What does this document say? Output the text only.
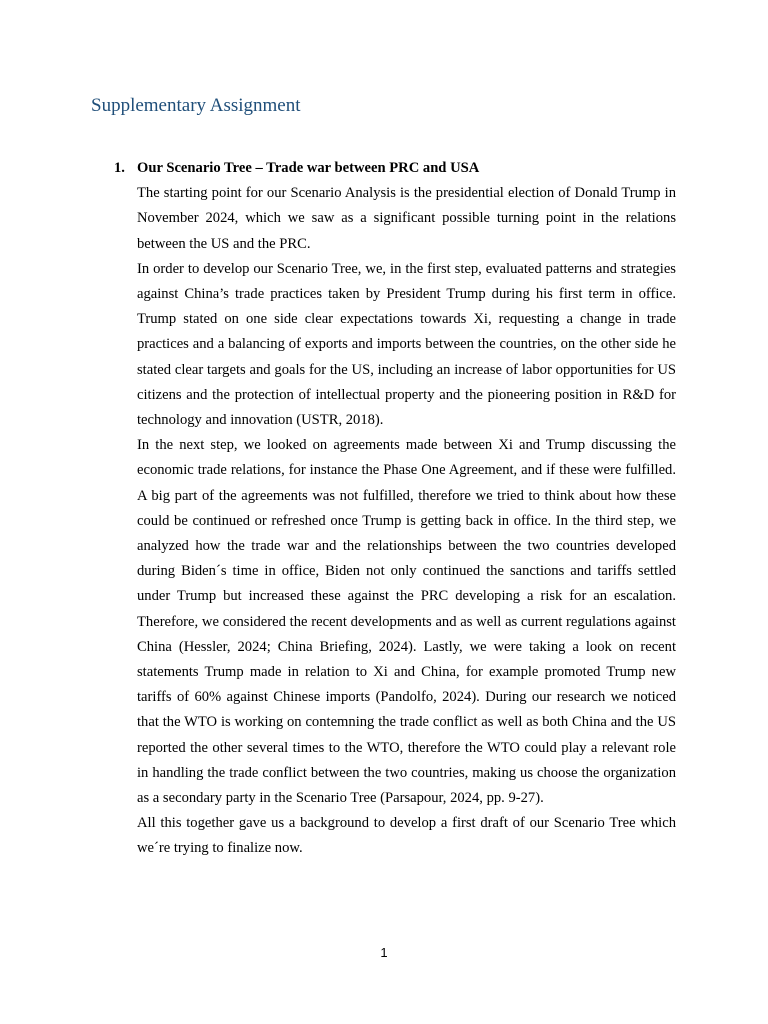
Supplementary Assignment
1. Our Scenario Tree – Trade war between PRC and USA

The starting point for our Scenario Analysis is the presidential election of Donald Trump in November 2024, which we saw as a significant possible turning point in the relations between the US and the PRC.

In order to develop our Scenario Tree, we, in the first step, evaluated patterns and strategies against China’s trade practices taken by President Trump during his first term in office. Trump stated on one side clear expectations towards Xi, requesting a change in trade practices and a balancing of exports and imports between the countries, on the other side he stated clear targets and goals for the US, including an increase of labor opportunities for US citizens and the protection of intellectual property and the pioneering position in R&D for technology and innovation (USTR, 2018).

In the next step, we looked on agreements made between Xi and Trump discussing the economic trade relations, for instance the Phase One Agreement, and if these were fulfilled. A big part of the agreements was not fulfilled, therefore we tried to think about how these could be continued or refreshed once Trump is getting back in office. In the third step, we analyzed how the trade war and the relationships between the two countries developed during Biden´s time in office, Biden not only continued the sanctions and tariffs settled under Trump but increased these against the PRC developing a risk for an escalation. Therefore, we considered the recent developments and as well as current regulations against China (Hessler, 2024; China Briefing, 2024). Lastly, we were taking a look on recent statements Trump made in relation to Xi and China, for example promoted Trump new tariffs of 60% against Chinese imports (Pandolfo, 2024). During our research we noticed that the WTO is working on contemning the trade conflict as well as both China and the US reported the other several times to the WTO, therefore the WTO could play a relevant role in handling the trade conflict between the two countries, making us choose the organization as a secondary party in the Scenario Tree (Parsapour, 2024, pp. 9-27).

All this together gave us a background to develop a first draft of our Scenario Tree which we´re trying to finalize now.

1
